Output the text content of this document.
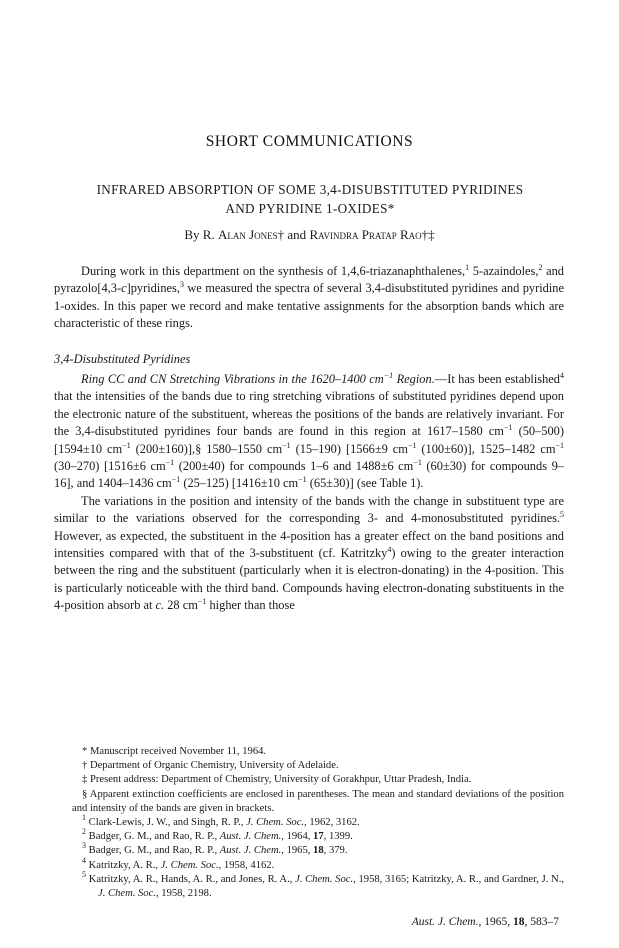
SHORT COMMUNICATIONS
INFRARED ABSORPTION OF SOME 3,4-DISUBSTITUTED PYRIDINES
AND PYRIDINE 1-OXIDES*
By R. Alan Jones† and Ravindra Pratap Rao†‡

During work in this department on the synthesis of 1,4,6-triazanaphthalenes,$^1$ 5-azaindoles,$^2$ and pyrazolo[4,3-c]pyridines,$^3$ we measured the spectra of several 3,4-disubstituted pyridines and pyridine 1-oxides. In this paper we record and make tentative assignments for the absorption bands which are characteristic of these rings.

3,4-Disubstituted Pyridines

Ring CC and CN Stretching Vibrations in the 1620–1400 $cm^{-1}$ Region.—It has been established$^4$ that the intensities of the bands due to ring stretching vibrations of substituted pyridines depend upon the electronic nature of the substituent, whereas the positions of the bands are relatively invariant. For the 3,4-disubstituted pyridines four bands are found in this region at 1617–1580 $cm^{-1}$ (50–500) [1594±10 $cm^{-1}$ (200±160)],§ 1580–1550 $cm^{-1}$ (15–190) [1566±9 $cm^{-1}$ (100±60)], 1525–1482 $cm^{-1}$ (30–270) [1516±6 $cm^{-1}$ (200±40) for compounds 1–6 and 1488±6 $cm^{-1}$ (60±30) for compounds 9–16], and 1404–1436 $cm^{-1}$ (25–125) [1416±10 $cm^{-1}$ (65±30)] (see Table 1).

The variations in the position and intensity of the bands with the change in substituent type are similar to the variations observed for the corresponding 3- and 4-monosubstituted pyridines.$^5$ However, as expected, the substituent in the 4-position has a greater effect on the band positions and intensities compared with that of the 3-substituent (cf. Katritzky$^4$) owing to the greater interaction between the ring and the substituent (particularly when it is electron-donating) in the 4-position. This is particularly noticeable with the third band. Compounds having electron-donating substituents in the 4-position absorb at c. 28 $cm^{-1}$ higher than those

* Manuscript received November 11, 1964.

† Department of Organic Chemistry, University of Adelaide.

‡ Present address: Department of Chemistry, University of Gorakhpur, Uttar Pradesh, India.

§ Apparent extinction coefficients are enclosed in parentheses. The mean and standard deviations of the position and intensity of the bands are given in brackets.

$^1$ Clark-Lewis, J. W., and Singh, R. P., J. Chem. Soc., 1962, 3162.

$^2$ Badger, G. M., and Rao, R. P., Aust. J. Chem., 1964, 17, 1399.

$^3$ Badger, G. M., and Rao, R. P., Aust. J. Chem., 1965, 18, 379.

$^4$ Katritzky, A. R., J. Chem. Soc., 1958, 4162.

$^5$ Katritzky, A. R., Hands, A. R., and Jones, R. A., J. Chem. Soc., 1958, 3165; Katritzky, A. R., and Gardner, J. N., J. Chem. Soc., 1958, 2198.

Aust. J. Chem., 1965, 18, 583–7
